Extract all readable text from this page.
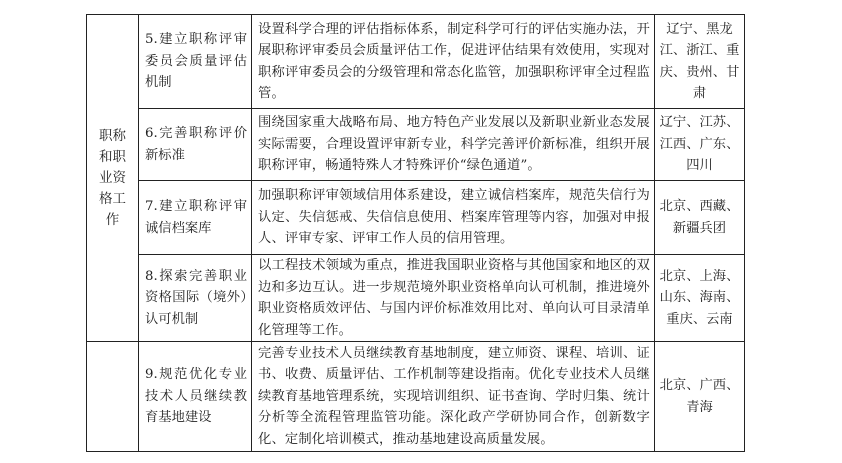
职称和职业资格工作	5.建立职称评审委员会质量评估机制	设置科学合理的评估指标体系，制定科学可行的评估实施办法，开展职称评审委员会质量评估工作，促进评估结果有效使用，实现对职称评审委员会的分级管理和常态化监管，加强职称评审全过程监管。	辽宁、黑龙江、浙江、重庆、贵州、甘肃
	6.完善职称评价新标准	围绕国家重大战略布局、地方特色产业发展以及新职业新业态发展实际需要，合理设置评审新专业，科学完善评价新标准，组织开展职称评审，畅通特殊人才特殊评价“绿色通道”。	辽宁、江苏、江西、广东、四川
	7.建立职称评审诚信档案库	加强职称评审领域信用体系建设，建立诚信档案库，规范失信行为认定、失信惩戒、失信信息使用、档案库管理等内容，加强对申报人、评审专家、评审工作人员的信用管理。	北京、西藏、新疆兵团
	8.探索完善职业资格国际（境外）认可机制	以工程技术领域为重点，推进我国职业资格与其他国家和地区的双边和多边互认。进一步规范境外职业资格单向认可机制，推进境外职业资格质效评估、与国内评价标准效用比对、单向认可目录清单化管理等工作。	北京、上海、山东、海南、重庆、云南
	9.规范优化专业技术人员继续教育基地建设	完善专业技术人员继续教育基地制度，建立师资、课程、培训、证书、收费、质量评估、工作机制等建设指南。优化专业技术人员继续教育基地管理系统，实现培训组织、证书查询、学时归集、统计分析等全流程管理监管功能。深化政产学研协同合作，创新数字化、定制化培训模式，推动基地建设高质量发展。	北京、广西、青海
